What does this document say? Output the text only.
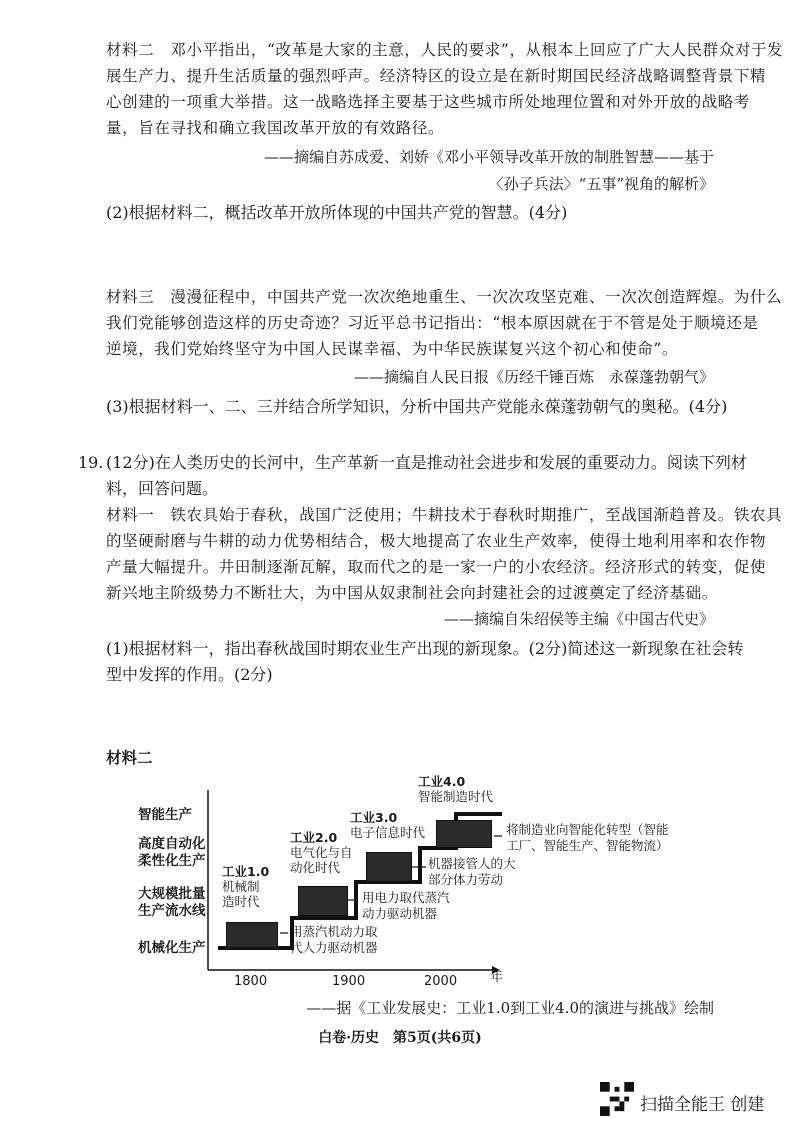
材料二　邓小平指出，“改革是大家的主意，人民的要求”，从根本上回应了广大人民群众对于发
展生产力、提升生活质量的强烈呼声。经济特区的设立是在新时期国民经济战略调整背景下精
心创建的一项重大举措。这一战略选择主要基于这些城市所处地理位置和对外开放的战略考
量，旨在寻找和确立我国改革开放的有效路径。
——摘编自苏成爱、刘娇《邓小平领导改革开放的制胜智慧——基于
〈孙子兵法〉“五事”视角的解析》
(2)根据材料二，概括改革开放所体现的中国共产党的智慧。(4分)
材料三　漫漫征程中，中国共产党一次次绝地重生、一次次攻坚克难、一次次创造辉煌。为什么
我们党能够创造这样的历史奇迹？习近平总书记指出：“根本原因就在于不管是处于顺境还是
逆境，我们党始终坚守为中国人民谋幸福、为中华民族谋复兴这个初心和使命”。
——摘编自人民日报《历经千锤百炼　永葆蓬勃朝气》
(3)根据材料一、二、三并结合所学知识，分析中国共产党能永葆蓬勃朝气的奥秘。(4分)
19. (12分)在人类历史的长河中，生产革新一直是推动社会进步和发展的重要动力。阅读下列材
料，回答问题。
材料一　铁农具始于春秋，战国广泛使用；牛耕技术于春秋时期推广，至战国渐趋普及。铁农具
的坚硬耐磨与牛耕的动力优势相结合，极大地提高了农业生产效率，使得土地利用率和农作物
产量大幅提升。井田制逐渐瓦解，取而代之的是一家一户的小农经济。经济形式的转变，促使
新兴地主阶级势力不断壮大，为中国从奴隶制社会向封建社会的过渡奠定了经济基础。
——摘编自朱绍侯等主编《中国古代史》
(1)根据材料一，指出春秋战国时期农业生产出现的新现象。(2分)简述这一新现象在社会转
型中发挥的作用。(2分)
材料二
智能生产
高度自动化
柔性化生产
大规模批量
生产流水线
机械化生产
工业1.0
机械制
造时代
用蒸汽机动力取
代人力驱动机器
工业2.0
电气化与自
动化时代
用电力取代蒸汽
动力驱动机器
工业3.0
电子信息时代
机器接管人的大
部分体力劳动
工业4.0
智能制造时代
将制造业向智能化转型（智能
工厂、智能生产、智能物流）
1800	1900	2000	年
——据《工业发展史：工业1.0到工业4.0的演进与挑战》绘制
白卷·历史　第5页(共6页)
扫描全能王 创建
